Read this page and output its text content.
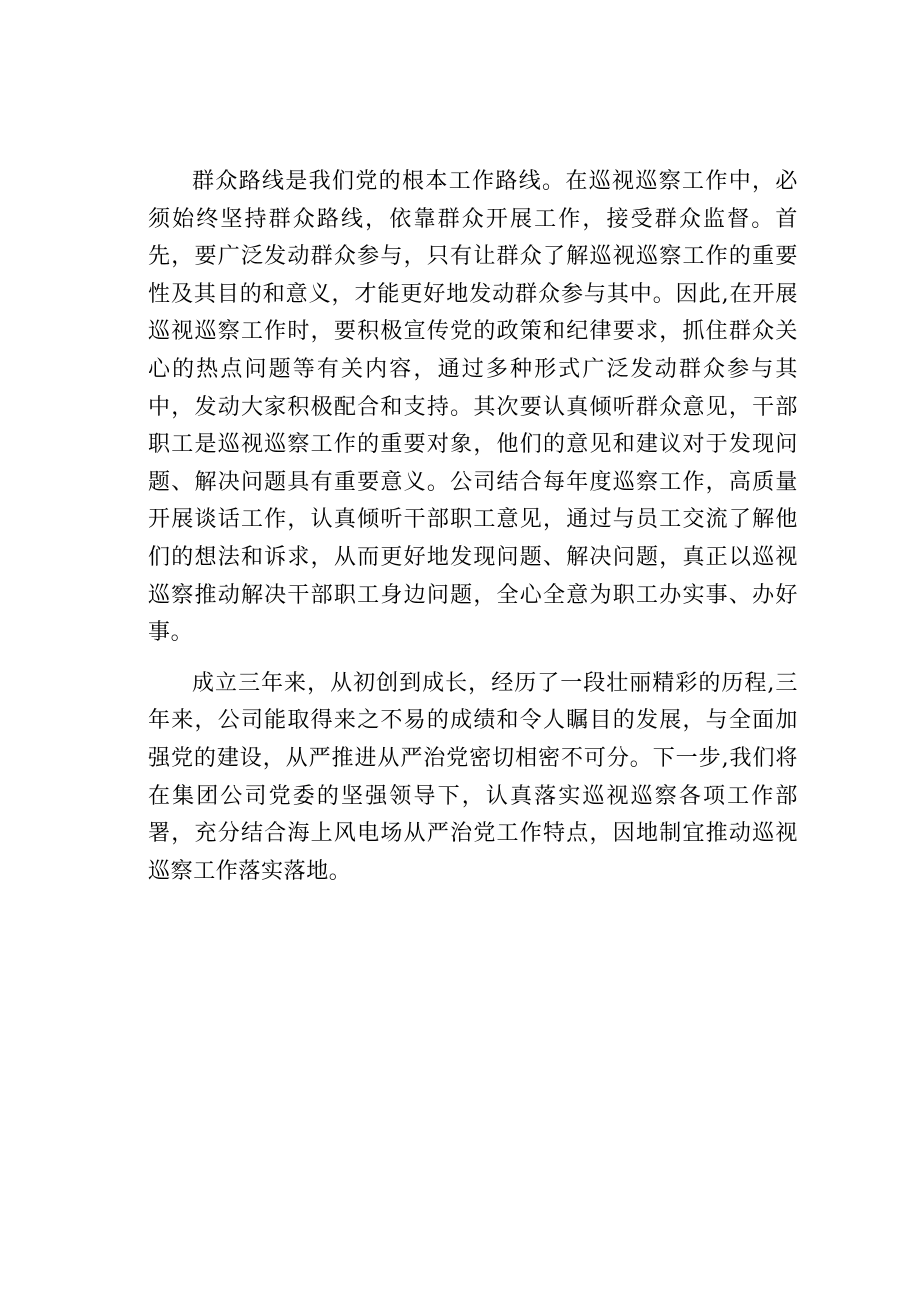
群众路线是我们党的根本工作路线。在巡视巡察工作中，必须始终坚持群众路线，依靠群众开展工作，接受群众监督。首先，要广泛发动群众参与，只有让群众了解巡视巡察工作的重要性及其目的和意义，才能更好地发动群众参与其中。因此,在开展巡视巡察工作时，要积极宣传党的政策和纪律要求，抓住群众关心的热点问题等有关内容，通过多种形式广泛发动群众参与其中，发动大家积极配合和支持。其次要认真倾听群众意见，干部职工是巡视巡察工作的重要对象，他们的意见和建议对于发现问题、解决问题具有重要意义。公司结合每年度巡察工作，高质量开展谈话工作，认真倾听干部职工意见，通过与员工交流了解他们的想法和诉求，从而更好地发现问题、解决问题，真正以巡视巡察推动解决干部职工身边问题，全心全意为职工办实事、办好事。

成立三年来，从初创到成长，经历了一段壮丽精彩的历程,三年来，公司能取得来之不易的成绩和令人瞩目的发展，与全面加强党的建设，从严推进从严治党密切相密不可分。下一步,我们将在集团公司党委的坚强领导下，认真落实巡视巡察各项工作部署，充分结合海上风电场从严治党工作特点，因地制宜推动巡视巡察工作落实落地。
